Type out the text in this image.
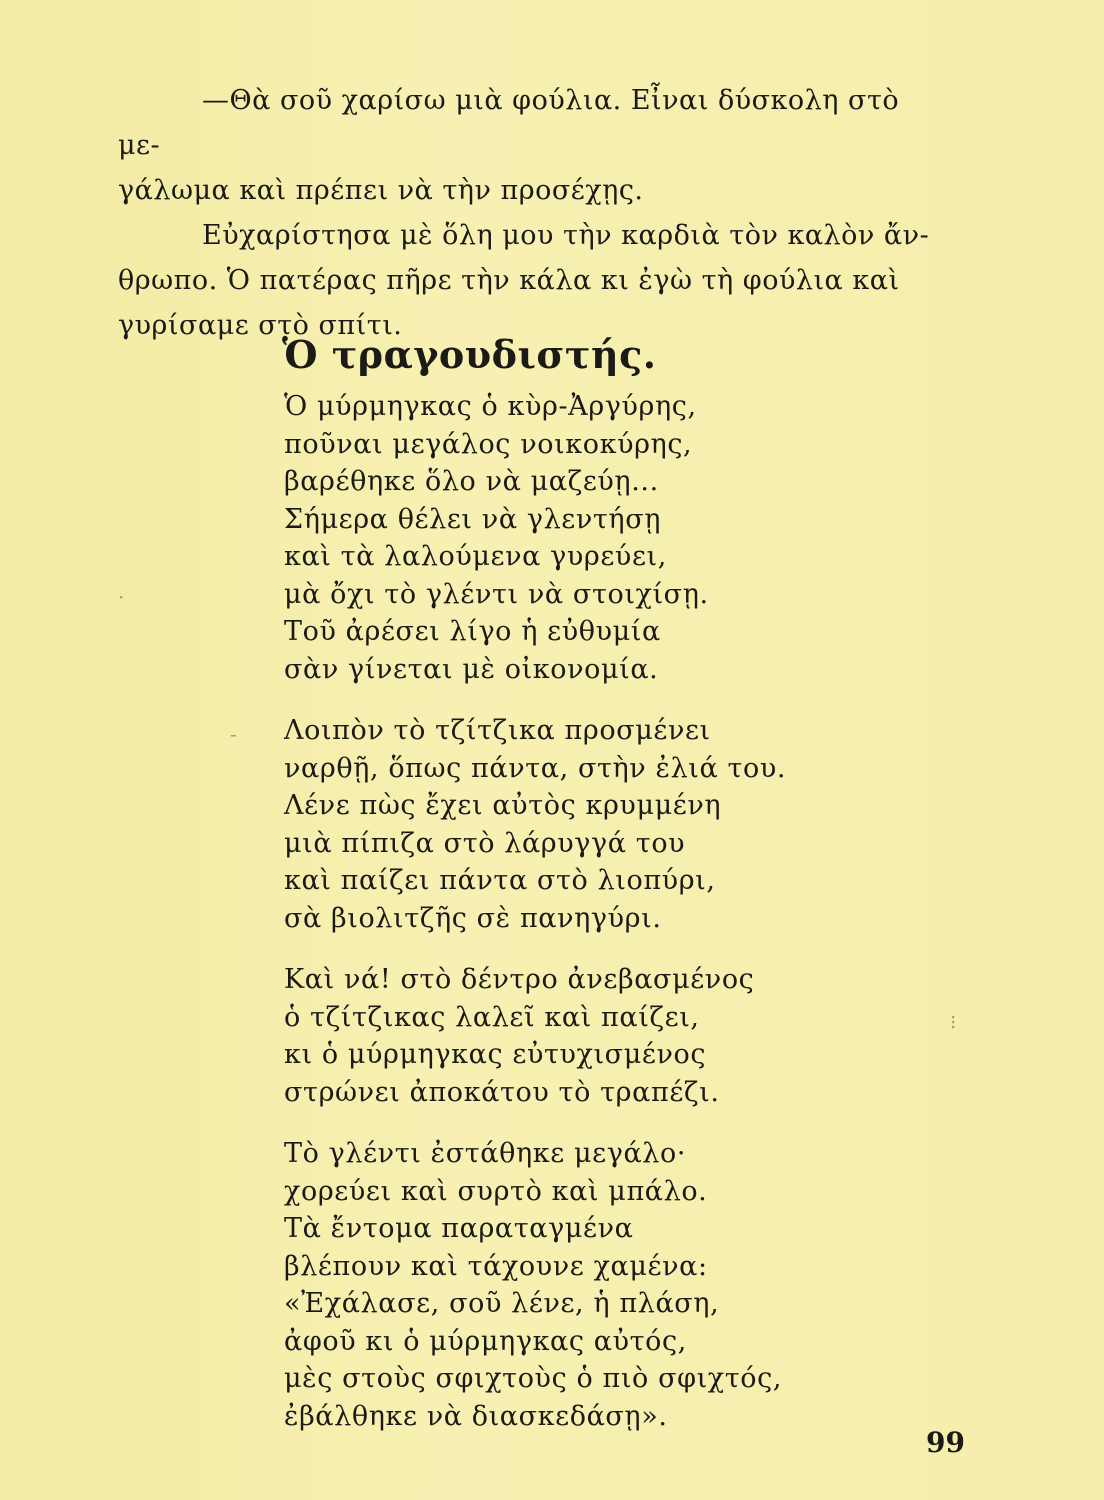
—Θὰ σοῦ χαρίσω μιὰ φούλια. Εἶναι δύσκολη στὸ με-

γάλωμα καὶ πρέπει νὰ τὴν προσέχῃς.

Εὐχαρίστησα μὲ ὅλη μου τὴν καρδιὰ τὸν καλὸν ἄν-

θρωπο. Ὁ πατέρας πῆρε τὴν κάλα κι ἐγὼ τὴ φούλια καὶ

γυρίσαμε στὸ σπίτι.

Ὁ τραγουδιστής.
Ὁ μύρμηγκας ὁ κὺρ-Ἀργύρης,
ποῦναι μεγάλος νοικοκύρης,
βαρέθηκε ὅλο νὰ μαζεύῃ...
Σήμερα θέλει νὰ γλεντήσῃ
καὶ τὰ λαλούμενα γυρεύει,
μὰ ὄχι τὸ γλέντι νὰ στοιχίσῃ.
Τοῦ ἀρέσει λίγο ἡ εὐθυμία
σὰν γίνεται μὲ οἰκονομία.
Λοιπὸν τὸ τζίτζικα προσμένει
ναρθῇ, ὅπως πάντα, στὴν ἐλιά του.
Λένε πὼς ἔχει αὐτὸς κρυμμένη
μιὰ πίπιζα στὸ λάρυγγά του
καὶ παίζει πάντα στὸ λιοπύρι,
σὰ βιολιτζῆς σὲ πανηγύρι.
Καὶ νά! στὸ δέντρο ἀνεβασμένος
ὁ τζίτζικας λαλεῖ καὶ παίζει,
κι ὁ μύρμηγκας εὐτυχισμένος
στρώνει ἀποκάτου τὸ τραπέζι.
Τὸ γλέντι ἐστάθηκε μεγάλο·
χορεύει καὶ συρτὸ καὶ μπάλο.
Τὰ ἔντομα παραταγμένα
βλέπουν καὶ τάχουνε χαμένα:
«Ἐχάλασε, σοῦ λένε, ἡ πλάση,
ἀφοῦ κι ὁ μύρμηγκας αὐτός,
μὲς στοὺς σφιχτοὺς ὁ πιὸ σφιχτός,
ἐβάλθηκε νὰ διασκεδάσῃ».
99
-
·
⁝
